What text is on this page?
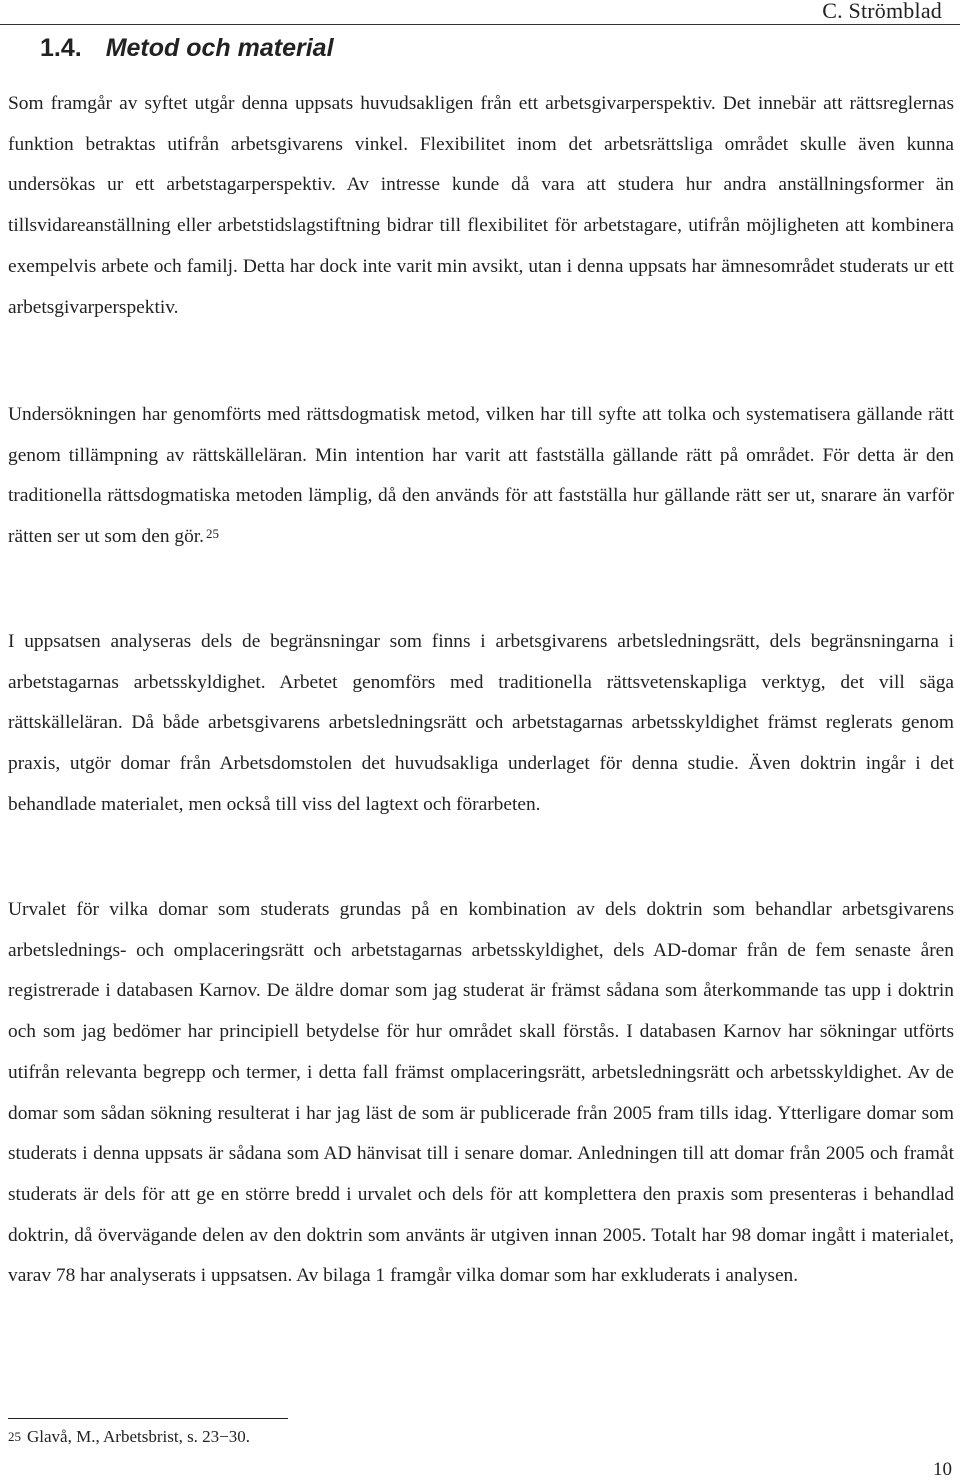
C. Strömblad
1.4. Metod och material

Som framgår av syftet utgår denna uppsats huvudsakligen från ett arbetsgivarperspektiv. Det innebär att rättsreglernas funktion betraktas utifrån arbetsgivarens vinkel. Flexibilitet inom det arbetsrättsliga området skulle även kunna undersökas ur ett arbetstagarperspektiv. Av intresse kunde då vara att studera hur andra anställningsformer än tillsvidareanställning eller arbetstidslagstiftning bidrar till flexibilitet för arbetstagare, utifrån möjligheten att kombinera exempelvis arbete och familj. Detta har dock inte varit min avsikt, utan i denna uppsats har ämnesområdet studerats ur ett arbetsgivarperspektiv.

Undersökningen har genomförts med rättsdogmatisk metod, vilken har till syfte att tolka och systematisera gällande rätt genom tillämpning av rättskälleläran. Min intention har varit att fastställa gällande rätt på området. För detta är den traditionella rättsdogmatiska metoden lämplig, då den används för att fastställa hur gällande rätt ser ut, snarare än varför rätten ser ut som den gör. $^{25}$

I uppsatsen analyseras dels de begränsningar som finns i arbetsgivarens arbetsledningsrätt, dels begränsningarna i arbetstagarnas arbetsskyldighet. Arbetet genomförs med traditionella rättsvetenskapliga verktyg, det vill säga rättskälleläran. Då både arbetsgivarens arbetsledningsrätt och arbetstagarnas arbetsskyldighet främst reglerats genom praxis, utgör domar från Arbetsdomstolen det huvudsakliga underlaget för denna studie. Även doktrin ingår i det behandlade materialet, men också till viss del lagtext och förarbeten.

Urvalet för vilka domar som studerats grundas på en kombination av dels doktrin som behandlar arbetsgivarens arbetslednings- och omplaceringsrätt och arbetstagarnas arbetsskyldighet, dels AD-domar från de fem senaste åren registrerade i databasen Karnov. De äldre domar som jag studerat är främst sådana som återkommande tas upp i doktrin och som jag bedömer har principiell betydelse för hur området skall förstås. I databasen Karnov har sökningar utförts utifrån relevanta begrepp och termer, i detta fall främst omplaceringsrätt, arbetsledningsrätt och arbetsskyldighet. Av de domar som sådan sökning resulterat i har jag läst de som är publicerade från 2005 fram tills idag. Ytterligare domar som studerats i denna uppsats är sådana som AD hänvisat till i senare domar. Anledningen till att domar från 2005 och framåt studerats är dels för att ge en större bredd i urvalet och dels för att komplettera den praxis som presenteras i behandlad doktrin, då övervägande delen av den doktrin som använts är utgiven innan 2005. Totalt har 98 domar ingått i materialet, varav 78 har analyserats i uppsatsen. Av bilaga 1 framgår vilka domar som har exkluderats i analysen.

$^{25}$ Glavå, M., Arbetsbrist, s. 23−30.
10
